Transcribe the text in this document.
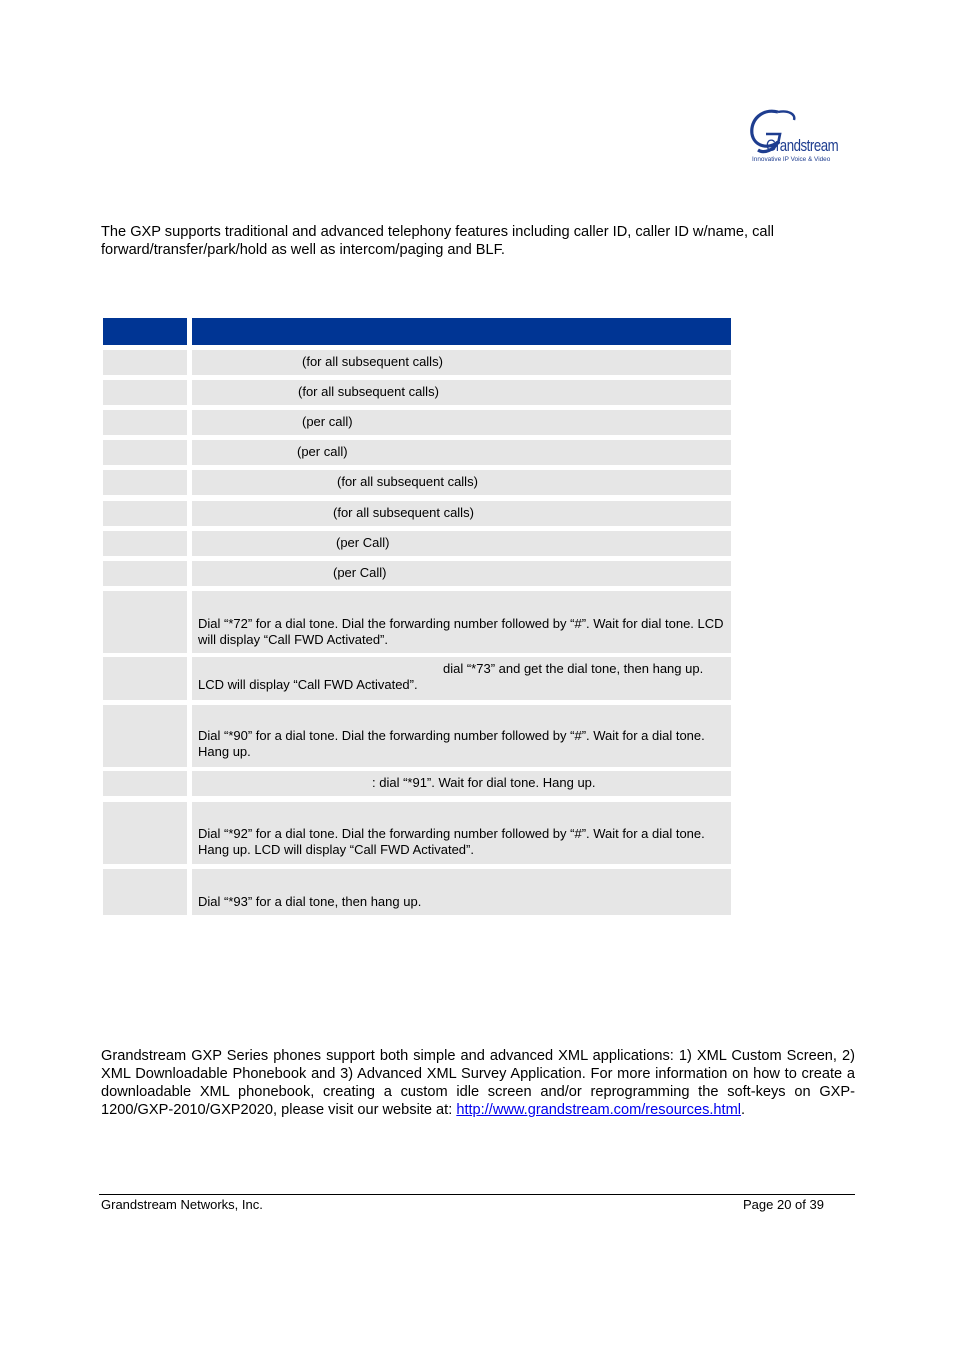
Grandstream
Innovative IP Voice & Video
The GXP supports traditional and advanced telephony features including caller ID, caller ID w/name, call forward/transfer/park/hold as well as intercom/paging and BLF.
(for all subsequent calls)
(for all subsequent calls)
(per call)
(per call)
(for all subsequent calls)
(for all subsequent calls)
(per Call)
(per Call)
Dial “*72” for a dial tone. Dial the forwarding number followed by “#”. Wait for dial tone. LCD will display “Call FWD Activated”.
dial “*73” and get the dial tone, then hang up.
LCD will display “Call FWD Activated”.
Dial “*90” for a dial tone. Dial the forwarding number followed by “#”. Wait for a dial tone. Hang up.
: dial “*91”. Wait for dial tone. Hang up.
Dial “*92” for a dial tone. Dial the forwarding number followed by “#”. Wait for a dial tone. Hang up. LCD will display “Call FWD Activated”.
Dial “*93” for a dial tone, then hang up.
Grandstream GXP Series phones support both simple and advanced XML applications: 1) XML Custom Screen, 2) XML Downloadable Phonebook and 3) Advanced XML Survey Application. For more information on how to create a downloadable XML phonebook, creating a custom idle screen and/or reprogramming the soft-keys on GXP-1200/GXP-2010/GXP2020, please visit our website at: http://www.grandstream.com/resources.html.
Grandstream Networks, Inc.	Page 20 of 39
